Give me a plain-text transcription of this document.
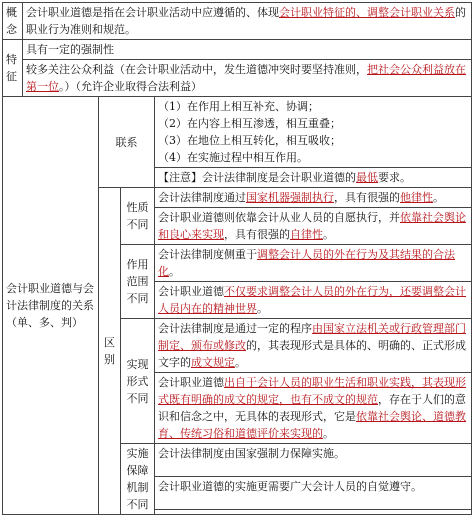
概念	会计职业道德是指在会计职业活动中应遵循的、体现会计职业特征的、调整会计职业关系的职业行为准则和规范。			
特征	具有一定的强制性			
	较多关注公众利益（在会计职业活动中，发生道德冲突时要坚持准则，把社会公众利益放在第一位。）（允许企业取得合法利益）			
会计职业道德与会计法律制度的关系（单、多、判）		联系		（1）在作用上相互补充、协调；
（2）在内容上相互渗透，相互重叠；
（3）在地位上相互转化，相互吸收；
（4）在实施过程中相互作用。

				【注意】会计法律制度是会计职业道德的最低要求。
		区别	性质不同	会计法律制度通过国家机器强制执行，具有很强的他律性。
				会计职业道德则依靠会计从业人员的自愿执行，并依靠社会舆论和良心来实现，具有很强的自律性。
			作用范围不同	会计法律制度侧重于调整会计人员的外在行为及其结果的合法化。
				会计职业道德不仅要求调整会计人员的外在行为，还要调整会计人员内在的精神世界。
			实现形式不同	会计法律制度是通过一定的程序由国家立法机关或行政管理部门制定、颁布或修改的，其表现形式是具体的、明确的、正式形成文字的成文规定。
				会计职业道德出自于会计人员的职业生活和职业实践，其表现形式既有明确的成文的规定，也有不成文的规范，存在于人们的意识和信念之中，无具体的表现形式，它是依靠社会舆论、道德教育、传统习俗和道德评价来实现的。
			实施保障机制不同	会计法律制度由国家强制力保障实施。
				会计职业道德的实施更需要广大会计人员的自觉遵守。
